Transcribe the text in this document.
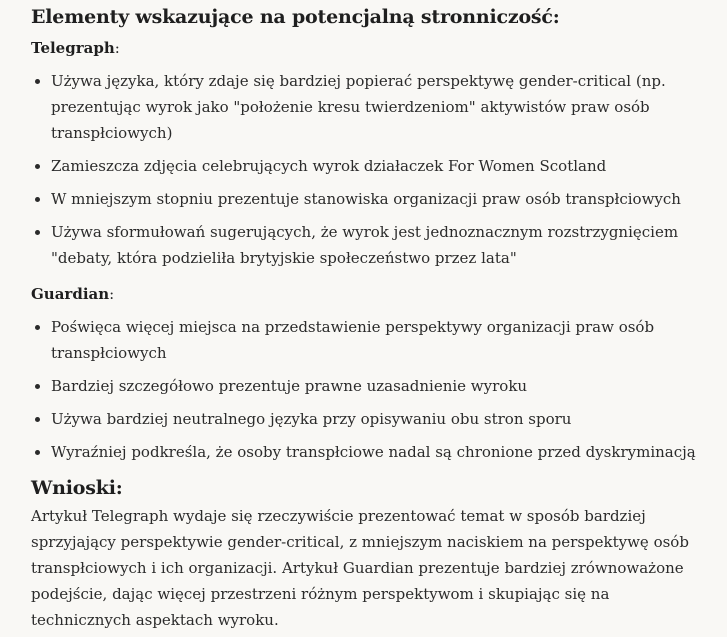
Elementy wskazujące na potencjalną stronniczość:
Telegraph:
Używa języka, który zdaje się bardziej popierać perspektywę gender-critical (np. prezentując wyrok jako "położenie kresu twierdzeniom" aktywistów praw osób transpłciowych)
Zamieszcza zdjęcia celebrujących wyrok działaczek For Women Scotland
W mniejszym stopniu prezentuje stanowiska organizacji praw osób transpłciowych
Używa sformułowań sugerujących, że wyrok jest jednoznacznym rozstrzygnięciem "debaty, która podzieliła brytyjskie społeczeństwo przez lata"
Guardian:
Poświęca więcej miejsca na przedstawienie perspektywy organizacji praw osób transpłciowych
Bardziej szczegółowo prezentuje prawne uzasadnienie wyroku
Używa bardziej neutralnego języka przy opisywaniu obu stron sporu
Wyraźniej podkreśla, że osoby transpłciowe nadal są chronione przed dyskryminacją
Wnioski:

Artykuł Telegraph wydaje się rzeczywiście prezentować temat w sposób bardziej sprzyjający perspektywie gender-critical, z mniejszym naciskiem na perspektywę osób transpłciowych i ich organizacji. Artykuł Guardian prezentuje bardziej zrównoważone podejście, dając więcej przestrzeni różnym perspektywom i skupiając się na technicznych aspektach wyroku.
